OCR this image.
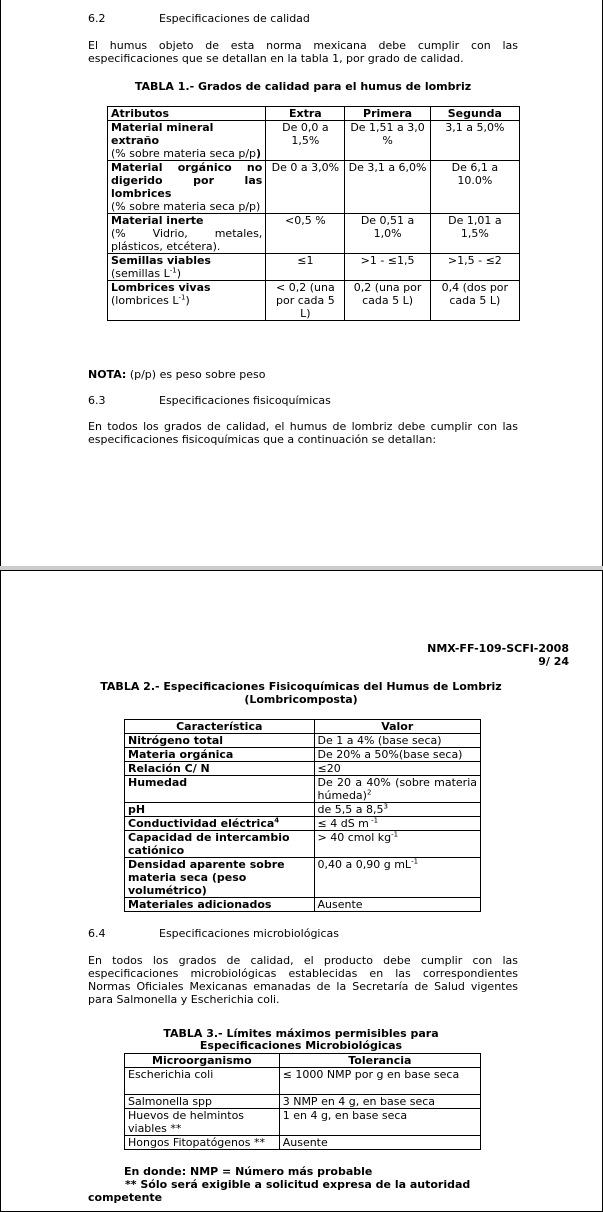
6.2	Especificaciones de calidad
El humus objeto de esta norma mexicana debe cumplir con las especificaciones que se detallan en la tabla 1, por grado de calidad.
TABLA 1.- Grados de calidad para el humus de lombriz
Atributos	Extra	Primera	Segunda

Material mineral extraño
(% sobre materia seca p/p)	De 0,0 a 1,5%	De 1,51 a 3,0 %	3,1 a 5,0%

Material orgánico no digerido por las lombrices
(% sobre materia seca p/p)	De 0 a 3,0%	De 3,1 a 6,0%	De 6,1 a 10.0%

Material inerte
(% Vidrio, metales, plásticos, etcétera).	<0,5 %	De 0,51 a 1,0%	De 1,01 a 1,5%

Semillas viables
(semillas $L^{-1}$)	≤1	>1 - ≤1,5	>1,5 - ≤2

Lombrices vivas
(lombrices $L^{-1}$)	< 0,2 (una por cada 5 L)	0,2 (una por cada 5 L)	0,4 (dos por cada 5 L)
NOTA: (p/p) es peso sobre peso
6.3	Especificaciones fisicoquímicas
En todos los grados de calidad, el humus de lombriz debe cumplir con las especificaciones fisicoquímicas que a continuación se detallan:
NMX-FF-109-SCFI-2008
9/ 24
TABLA 2.- Especificaciones Fisicoquímicas del Humus de Lombriz
(Lombricomposta)
Característica	Valor
Nitrógeno total	De 1 a 4% (base seca)
Materia orgánica	De 20% a 50%(base seca)
Relación C/ N	≤20
Humedad	De 20 a 40% (sobre materia húmeda)$^2$
pH	de 5,5 a $8,5^3$
Conductividad eléctrica$^4$	≤ 4 dS m $^{-1}$
Capacidad de intercambio catiónico	> 40 cmol $kg^{-1}$
Densidad aparente sobre materia seca (peso volumétrico)	0,40 a 0,90 g $mL^{-1}$
Materiales adicionados	Ausente
6.4	Especificaciones microbiológicas
En todos los grados de calidad, el producto debe cumplir con las especificaciones microbiológicas establecidas en las correspondientes Normas Oficiales Mexicanas emanadas de la Secretaría de Salud vigentes para Salmonella y Escherichia coli.
TABLA 3.- Límites máximos permisibles para
Especificaciones Microbiológicas
Microorganismo	Tolerancia
Escherichia coli	≤ 1000 NMP por g en base seca
Salmonella spp	3 NMP en 4 g, en base seca
Huevos de helmintos viables **	1 en 4 g, en base seca
Hongos Fitopatógenos **	Ausente
En donde: NMP = Número más probable
** Sólo será exigible a solicitud expresa de la autoridad competente
